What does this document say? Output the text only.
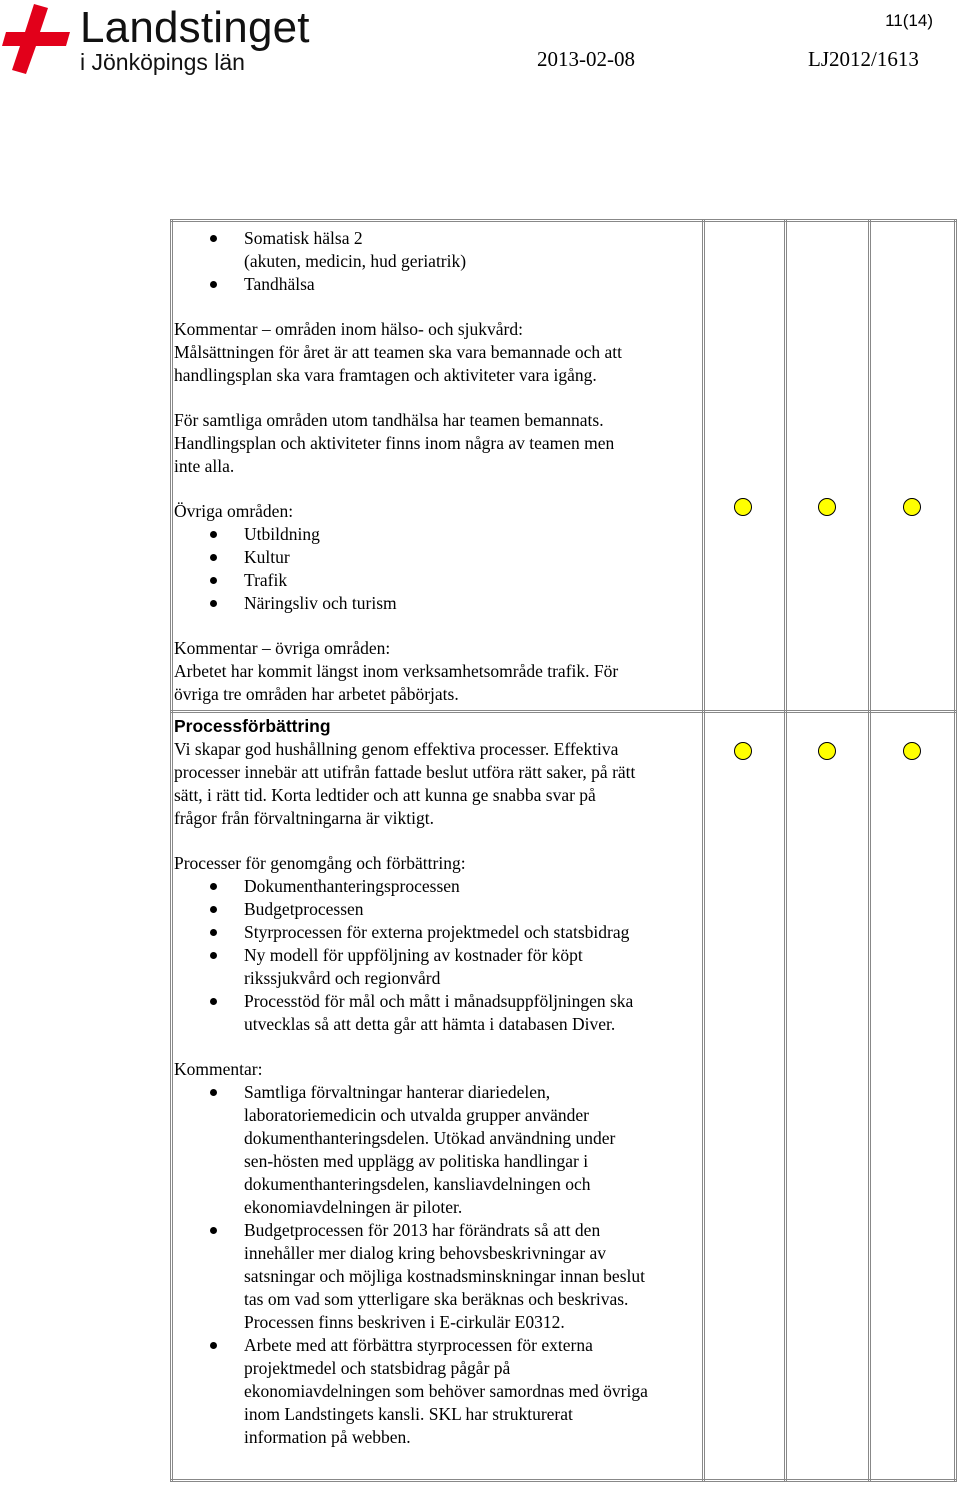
Landstinget
i Jönköpings län
11(14)
2013-02-08	LJ2012/1613
Somatisk hälsa 2
(akuten, medicin, hud geriatrik)
Tandhälsa

Kommentar – områden inom hälso- och sjukvård:

Målsättningen för året är att teamen ska vara bemannade och att

handlingsplan ska vara framtagen och aktiviteter vara igång.

För samtliga områden utom tandhälsa har teamen bemannats.

Handlingsplan och aktiviteter finns inom några av teamen men

inte alla.

Övriga områden:

Utbildning
Kultur
Trafik
Näringsliv och turism

Kommentar – övriga områden:

Arbetet har kommit längst inom verksamhetsområde trafik. För

övriga tre områden har arbetet påbörjats.

Processförbättring

Vi skapar god hushållning genom effektiva processer. Effektiva

processer innebär att utifrån fattade beslut utföra rätt saker, på rätt

sätt, i rätt tid. Korta ledtider och att kunna ge snabba svar på

frågor från förvaltningarna är viktigt.

Processer för genomgång och förbättring:

Dokumenthanteringsprocessen
Budgetprocessen
Styrprocessen för externa projektmedel och statsbidrag
Ny modell för uppföljning av kostnader för köpt
rikssjukvård och regionvård
Processtöd för mål och mått i månadsuppföljningen ska
utvecklas så att detta går att hämta i databasen Diver.

Kommentar:

Samtliga förvaltningar hanterar diariedelen,
laboratoriemedicin och utvalda grupper använder
dokumenthanteringsdelen. Utökad användning under
sen-hösten med upplägg av politiska handlingar i
dokumenthanteringsdelen, kansliavdelningen och
ekonomiavdelningen är piloter.
Budgetprocessen för 2013 har förändrats så att den
innehåller mer dialog kring behovsbeskrivningar av
satsningar och möjliga kostnadsminskningar innan beslut
tas om vad som ytterligare ska beräknas och beskrivas.
Processen finns beskriven i E-cirkulär E0312.
Arbete med att förbättra styrprocessen för externa
projektmedel och statsbidrag pågår på
ekonomiavdelningen som behöver samordnas med övriga
inom Landstingets kansli. SKL har strukturerat
information på webben.
